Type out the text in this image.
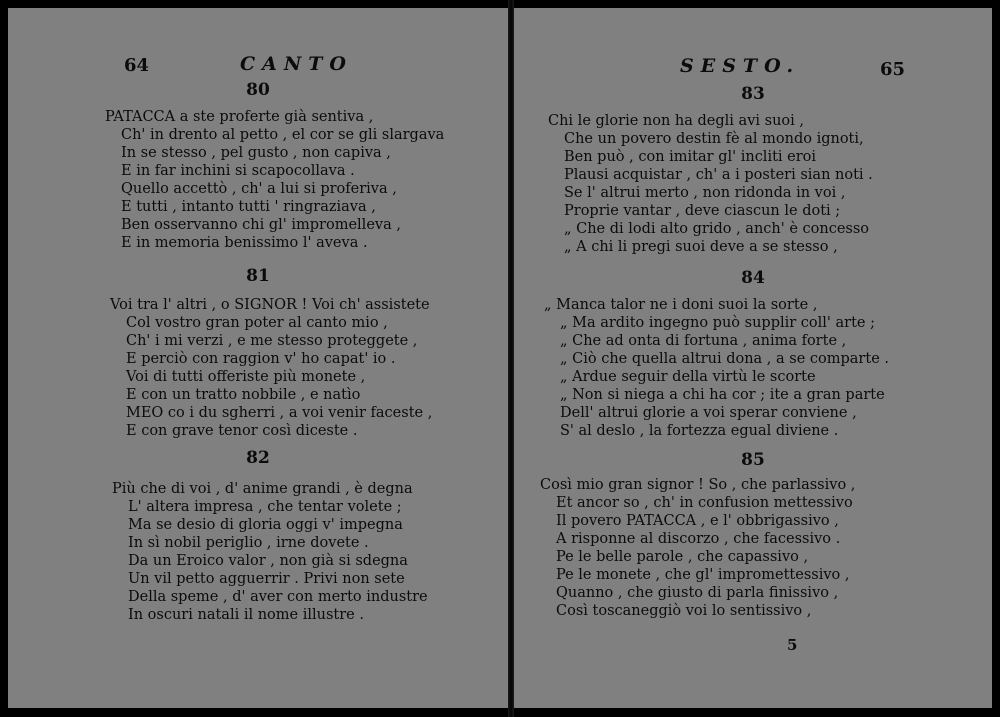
64	CANTO
80
PATACCA a ste proferte già sentiva ,
Ch' in drento al petto , el cor se gli slargava
In se stesso , pel gusto , non capiva ,
E in far inchini si scapocollava .
Quello accettò , ch' a lui si proferiva ,
E tutti , intanto tutti ' ringraziava ,
Ben osservanno chi gl' impromelleva ,
E in memoria benissimo l' aveva .
81
Voi tra l' altri , o SIGNOR ! Voi ch' assistete
Col vostro gran poter al canto mio ,
Ch' i mi verzi , e me stesso proteggete ,
E perciò con raggion v' ho capat' io .
Voi di tutti offeriste più monete ,
E con un tratto nobbile , e natìo
MEO co i du sgherri , a voi venir faceste ,
E con grave tenor così diceste .
82
Più che di voi , d' anime grandi , è degna
L' altera impresa , che tentar volete ;
Ma se desio di gloria oggi v' impegna
In sì nobil periglio , irne dovete .
Da un Eroico valor , non già si sdegna
Un vil petto agguerrir . Privi non sete
Della speme , d' aver con merto industre
In oscuri natali il nome illustre .
SESTO.	65
83
Chi le glorie non ha degli avi suoi ,
Che un povero destin fè al mondo ignoti,
Ben può , con imitar gl' incliti eroi
Plausi acquistar , ch' a i posteri sian noti .
Se l' altrui merto , non ridonda in voi ,
Proprie vantar , deve ciascun le doti ;
„ Che di lodi alto grido , anch' è concesso
„ A chi li pregi suoi deve a se stesso ,
84
„ Manca talor ne i doni suoi la sorte ,
„ Ma ardito ingegno può supplir coll' arte ;
„ Che ad onta di fortuna , anima forte ,
„ Ciò che quella altrui dona , a se comparte .
„ Ardue seguir della virtù le scorte
„ Non si niega a chi ha cor ; ite a gran parte
Dell' altrui glorie a voi sperar conviene ,
S' al deslo , la fortezza egual diviene .
85
Così mio gran signor ! So , che parlassivo ,
Et ancor so , ch' in confusion mettessivo
Il povero PATACCA , e l' obbrigassivo ,
A risponne al discorzo , che facessivo .
Pe le belle parole , che capassivo ,
Pe le monete , che gl' impromettessivo ,
Quanno , che giusto di parla finissivo ,
Così toscaneggiò voi lo sentissivo ,
5
